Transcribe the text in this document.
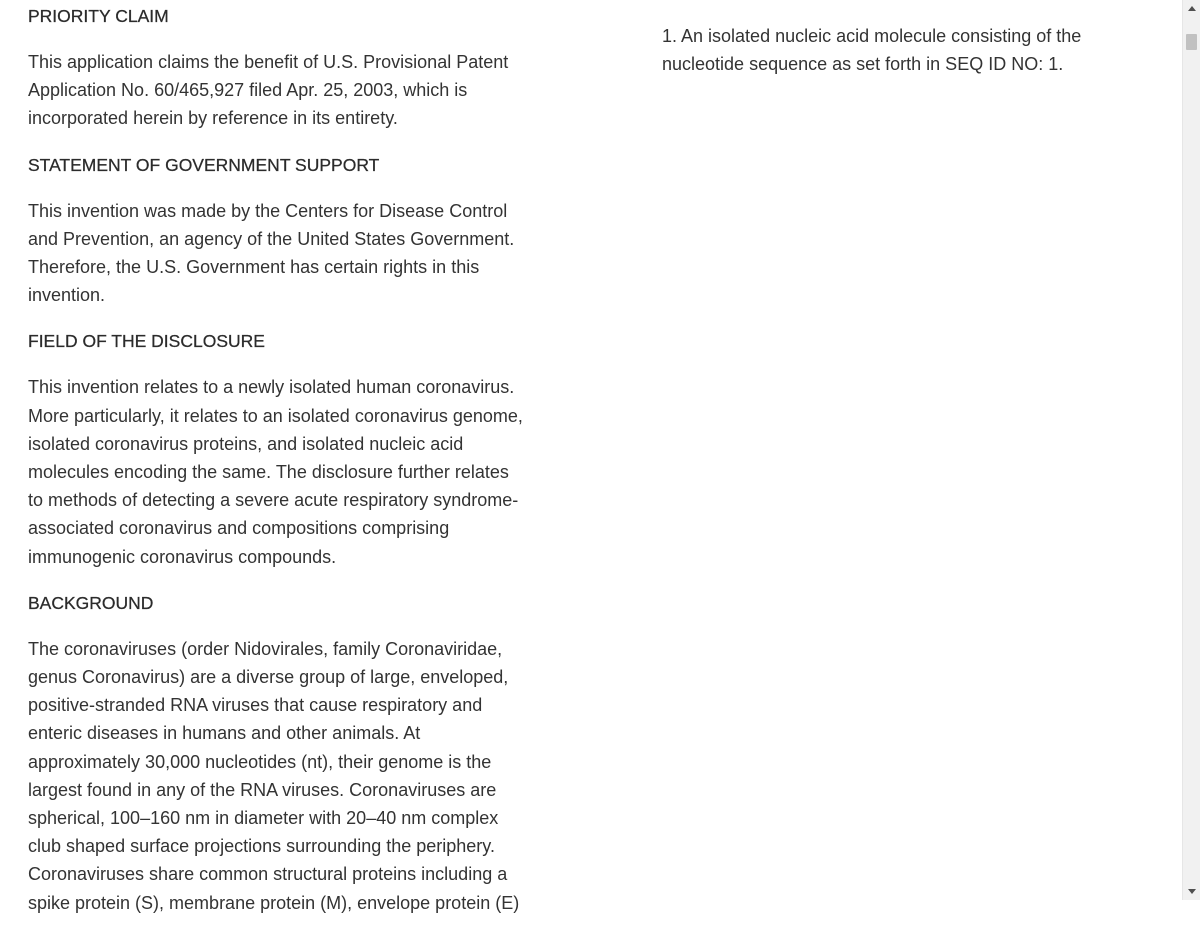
PRIORITY CLAIM

This application claims the benefit of U.S. Provisional Patent Application No. 60/465,927 filed Apr. 25, 2003, which is incorporated herein by reference in its entirety.

STATEMENT OF GOVERNMENT SUPPORT

This invention was made by the Centers for Disease Control and Prevention, an agency of the United States Government. Therefore, the U.S. Government has certain rights in this invention.

FIELD OF THE DISCLOSURE

This invention relates to a newly isolated human coronavirus. More particularly, it relates to an isolated coronavirus genome, isolated coronavirus proteins, and isolated nucleic acid molecules encoding the same. The disclosure further relates to methods of detecting a severe acute respiratory syndrome-associated coronavirus and compositions comprising immunogenic coronavirus compounds.

BACKGROUND

The coronaviruses (order Nidovirales, family Coronaviridae, genus Coronavirus) are a diverse group of large, enveloped, positive-stranded RNA viruses that cause respiratory and enteric diseases in humans and other animals. At approximately 30,000 nucleotides (nt), their genome is the largest found in any of the RNA viruses. Coronaviruses are spherical, 100–160 nm in diameter with 20–40 nm complex club shaped surface projections surrounding the periphery. Coronaviruses share common structural proteins including a spike protein (S), membrane protein (M), envelope protein (E)

1. An isolated nucleic acid molecule consisting of the nucleotide sequence as set forth in SEQ ID NO: 1.
